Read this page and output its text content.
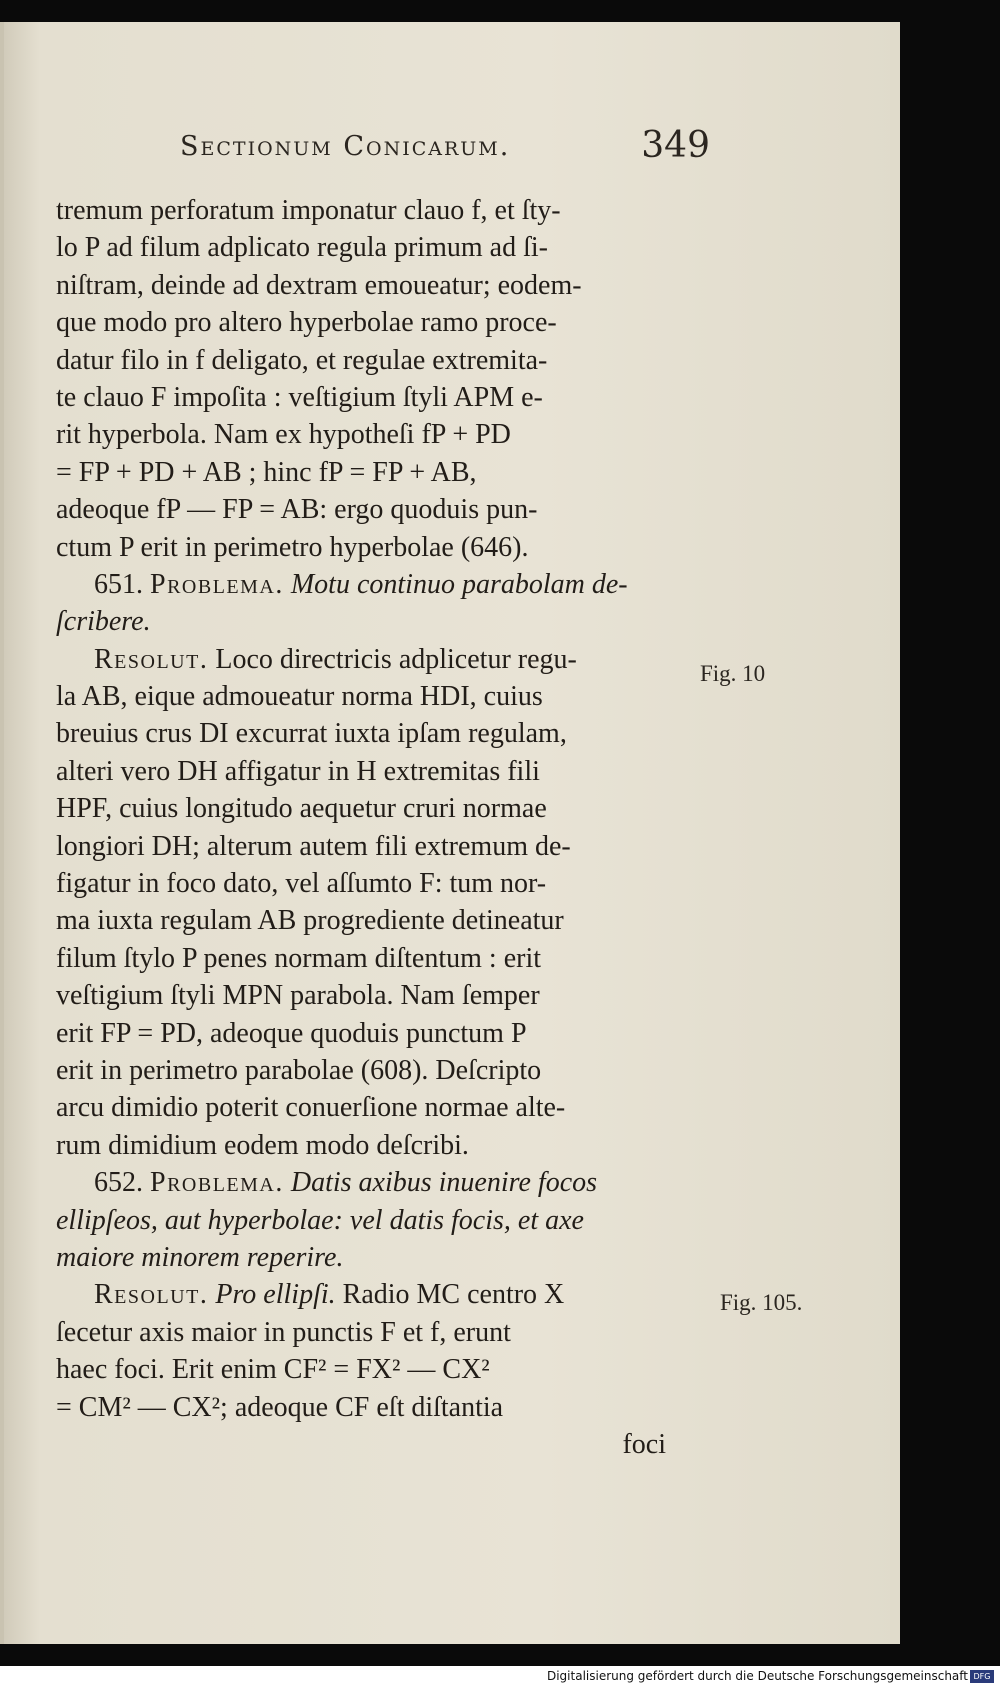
Sectionum Conicarum.	349
tremum perforatum imponatur clauo f, et ſty-
lo P ad filum adplicato regula primum ad ſi-
niſtram, deinde ad dextram emoueatur; eodem-
que modo pro altero hyperbolae ramo proce-
datur filo in f deligato, et regulae extremita-
te clauo F impoſita : veſtigium ſtyli APM e-
rit hyperbola. Nam ex hypotheſi fP + PD
= FP + PD + AB ; hinc fP = FP + AB,
adeoque fP — FP = AB: ergo quoduis pun-
ctum P erit in perimetro hyperbolae (646).
651.
Problema.
Motu continuo parabolam de-
ſcribere.
Resolut.
Loco directricis adplicetur regu-
la AB, eique admoueatur norma HDI, cuius
breuius crus DI excurrat iuxta ipſam regulam,
alteri vero DH affigatur in H extremitas fili
HPF, cuius longitudo aequetur cruri normae
longiori DH; alterum autem fili extremum de-
figatur in foco dato, vel aſſumto F: tum nor-
ma iuxta regulam AB progrediente detineatur
filum ſtylo P penes normam diſtentum : erit
veſtigium ſtyli MPN parabola. Nam ſemper
erit FP = PD, adeoque quoduis punctum P
erit in perimetro parabolae (608). Deſcripto
arcu dimidio poterit conuerſione normae alte-
rum dimidium eodem modo deſcribi.
652.
Problema.
Datis axibus inuenire focos
ellipſeos, aut hyperbolae: vel datis focis, et axe
maiore minorem reperire.
Resolut.
Pro ellipſi.
Radio MC centro X
ſecetur axis maior in punctis F et f, erunt
haec foci. Erit enim CF² = FX² — CX²
= CM² — CX²; adeoque CF eſt diſtantia
foci
Fig. 10
Fig. 105.
Digitalisierung gefördert durch die Deutsche Forschungsgemeinschaft DFG
